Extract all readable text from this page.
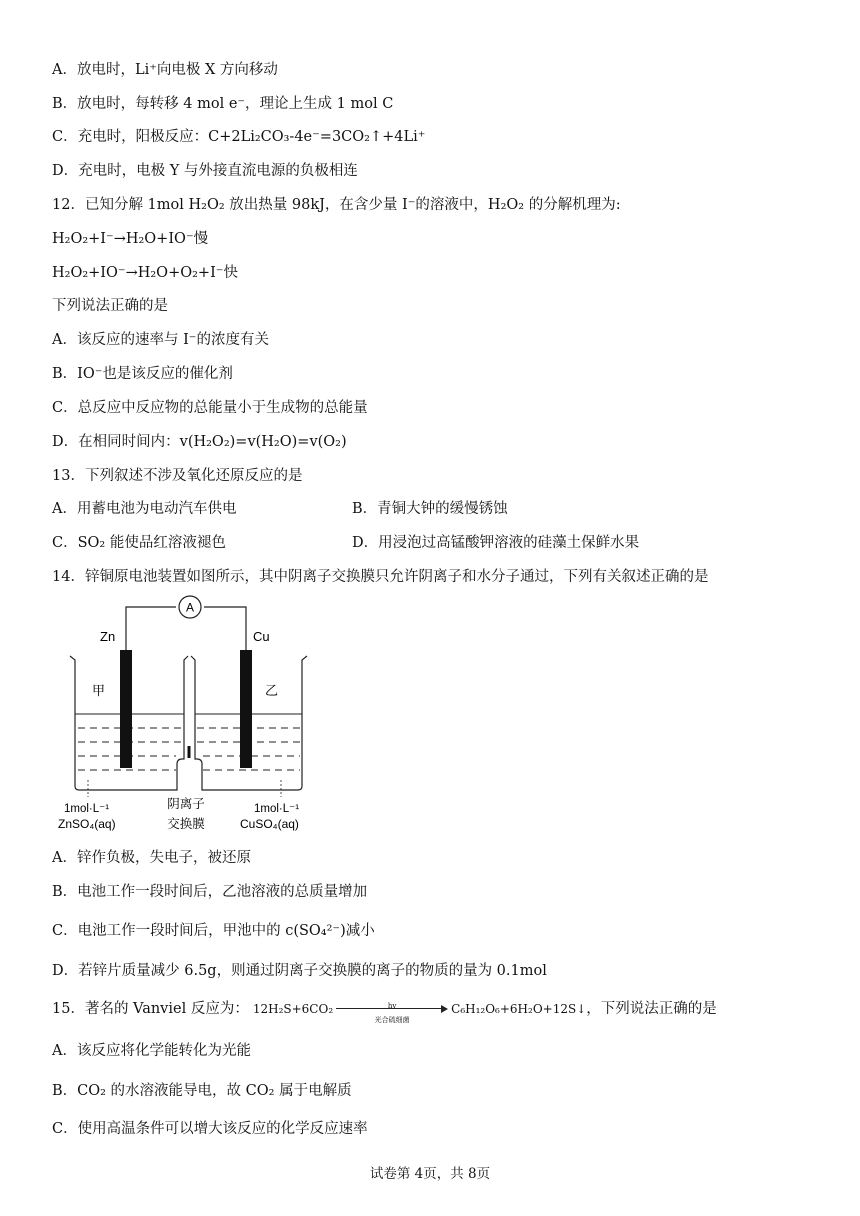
A．放电时，Li⁺向电极 X 方向移动
B．放电时，每转移 4 mol e⁻，理论上生成 1 mol C
C．充电时，阳极反应：C+2Li₂CO₃-4e⁻=3CO₂↑+4Li⁺
D．充电时，电极 Y 与外接直流电源的负极相连
12．已知分解 1mol H₂O₂ 放出热量 98kJ，在含少量 I⁻的溶液中，H₂O₂ 的分解机理为:
H₂O₂+I⁻→H₂O+IO⁻慢
H₂O₂+IO⁻→H₂O+O₂+I⁻快
下列说法正确的是
A．该反应的速率与 I⁻的浓度有关
B．IO⁻也是该反应的催化剂
C．总反应中反应物的总能量小于生成物的总能量
D．在相同时间内：v(H₂O₂)=v(H₂O)=v(O₂)
13．下列叙述不涉及氧化还原反应的是
A．用蓄电池为电动汽车供电	B．青铜大钟的缓慢锈蚀
C．SO₂ 能使品红溶液褪色	D．用浸泡过高锰酸钾溶液的硅藻土保鲜水果
14．锌铜原电池装置如图所示，其中阴离子交换膜只允许阴离子和水分子通过，下列有关叙述正确的是
A
Zn	Cu
甲	乙
1mol·L⁻¹
ZnSO₄(aq)
阴离子
交换膜
1mol·L⁻¹
CuSO₄(aq)
A．锌作负极，失电子，被还原
B．电池工作一段时间后，乙池溶液的总质量增加
C．电池工作一段时间后，甲池中的 c(SO₄²⁻)减小
D．若锌片质量减少 6.5g，则通过阴离子交换膜的离子的物质的量为 0.1mol
15．著名的 Vanviel 反应为： 12H₂S+6CO₂	hv
光合硫细菌
C₆H₁₂O₆+6H₂O+12S↓ ，下列说法正确的是
A．该反应将化学能转化为光能
B．CO₂ 的水溶液能导电，故 CO₂ 属于电解质
C．使用高温条件可以增大该反应的化学反应速率
试卷第 4页，共 8页
